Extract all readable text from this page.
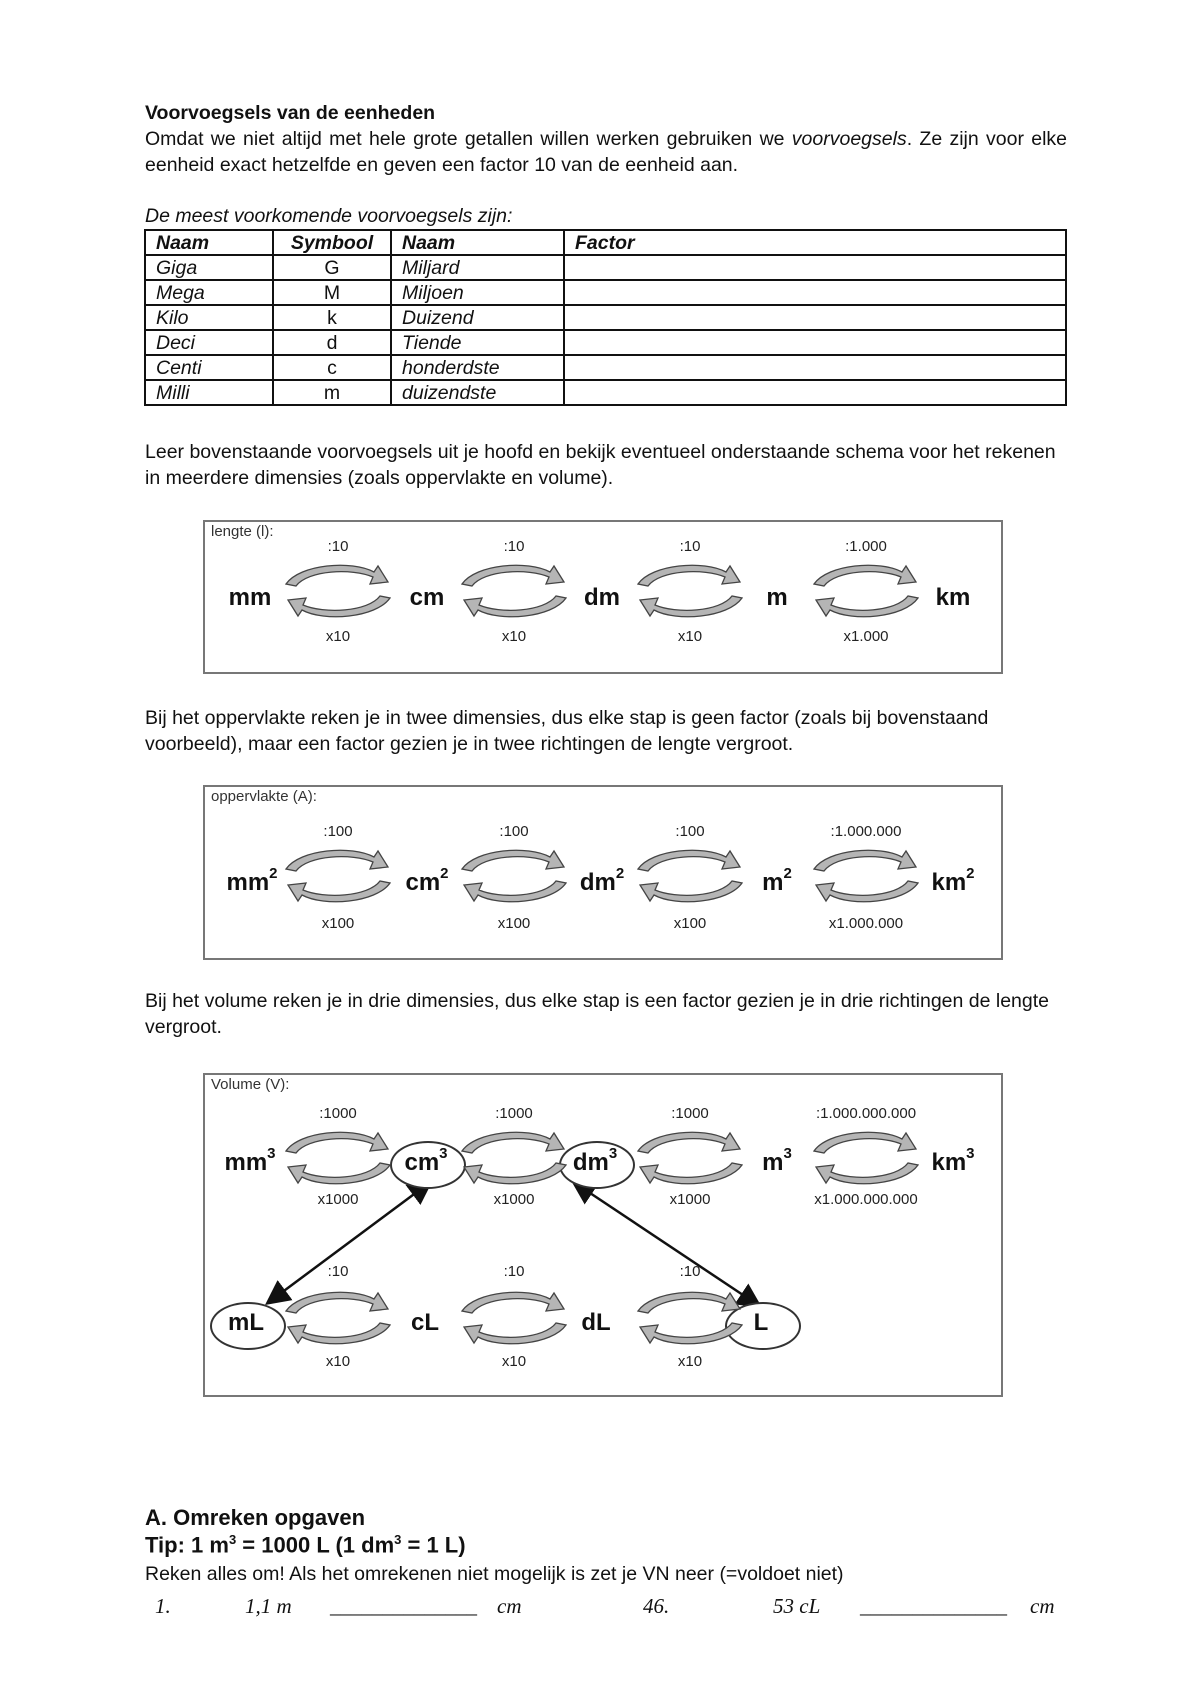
Voorvoegsels van de eenheden
Omdat we niet altijd met hele grote getallen willen werken gebruiken we voorvoegsels. Ze zijn voor elke eenheid exact hetzelfde en geven een factor 10 van de eenheid aan.
De meest voorkomende voorvoegsels zijn:
Naam	Symbool	Naam	Factor
Giga	G	Miljard	
Mega	M	Miljoen	
Kilo	k	Duizend	
Deci	d	Tiende	
Centi	c	honderdste	
Milli	m	duizendste	
Leer bovenstaande voorvoegsels uit je hoofd en bekijk eventueel onderstaande schema voor het rekenen in meerdere dimensies (zoals oppervlakte en volume).
lengte (l):
mm	cm	dm	m	km
:10
x10
:10
x10
:10
x10
:1.000
x1.000
Bij het oppervlakte reken je in twee dimensies, dus elke stap is geen factor (zoals bij bovenstaand voorbeeld), maar een factor gezien je in twee richtingen de lengte vergroot.
oppervlakte (A):
$mm^2$	$cm^2$	$dm^2$	$m^2$	$km^2$
:100
x100
:100
x100
:100
x100
:1.000.000
x1.000.000
Bij het volume reken je in drie dimensies, dus elke stap is een factor gezien je in drie richtingen de lengte vergroot.
Volume (V):
$mm^3$	$cm^3$	$dm^3$	$m^3$	$km^3$
:1000
x1000
:1000
x1000
:1000
x1000
:1.000.000.000
x1.000.000.000
mL	cL	dL	L
:10
x10
:10
x10
:10
x10
A. Omreken opgaven
Tip: 1 $m^3 = 1000$ L (1 $dm^3 = 1$ L)
Reken alles om! Als het omrekenen niet mogelijk is zet je VN neer (=voldoet niet)
1.	1,1 m ______________ cm	46.	53 cL ______________ cm
